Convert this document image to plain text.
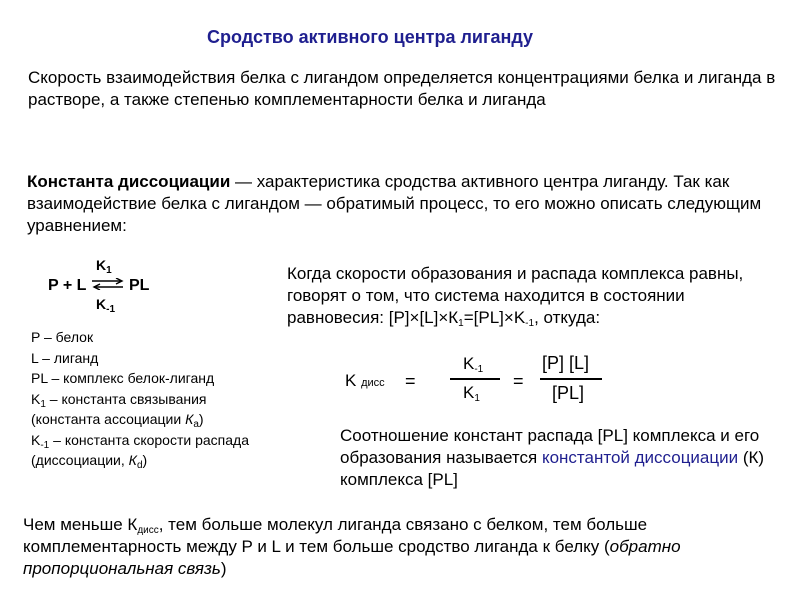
Сродство активного центра лиганду
Скорость взаимодействия белка с лигандом определяется концентрациями белка и лиганда в растворе, а также степенью комплементарности белка и лиганда
Константа диссоциации — характеристика сродства активного центра лиганду. Так как взаимодействие белка с лигандом — обратимый процесс, то его можно описать следующим уравнением:
P + L
$K_1$
⇌ PL
$K_{-1}$
Когда скорости образования и распада комплекса равны, говорят о том, что система находится в состоянии равновесия: $[P]\times[L]\times К_1=[PL]\times K_{-1}$, откуда:
P – белок
L – лиганд
PL – комплекс белок-лиганд
$K_1$ – константа связывания
(константа ассоциации $К_а$)
$K_{-1}$ – константа скорости распада
(диссоциации, $К_d$)
K дисс =
$K_{-1}$
$K_1$
=
[P] [L]
[PL]
Соотношение констант распада [PL] комплекса и его образования называется константой диссоциации (К) комплекса [PL]
Чем меньше $К_{дисс}$, тем больше молекул лиганда связано с белком, тем больше комплементарность между P и L и тем больше сродство лиганда к белку (обратно пропорциональная связь)
